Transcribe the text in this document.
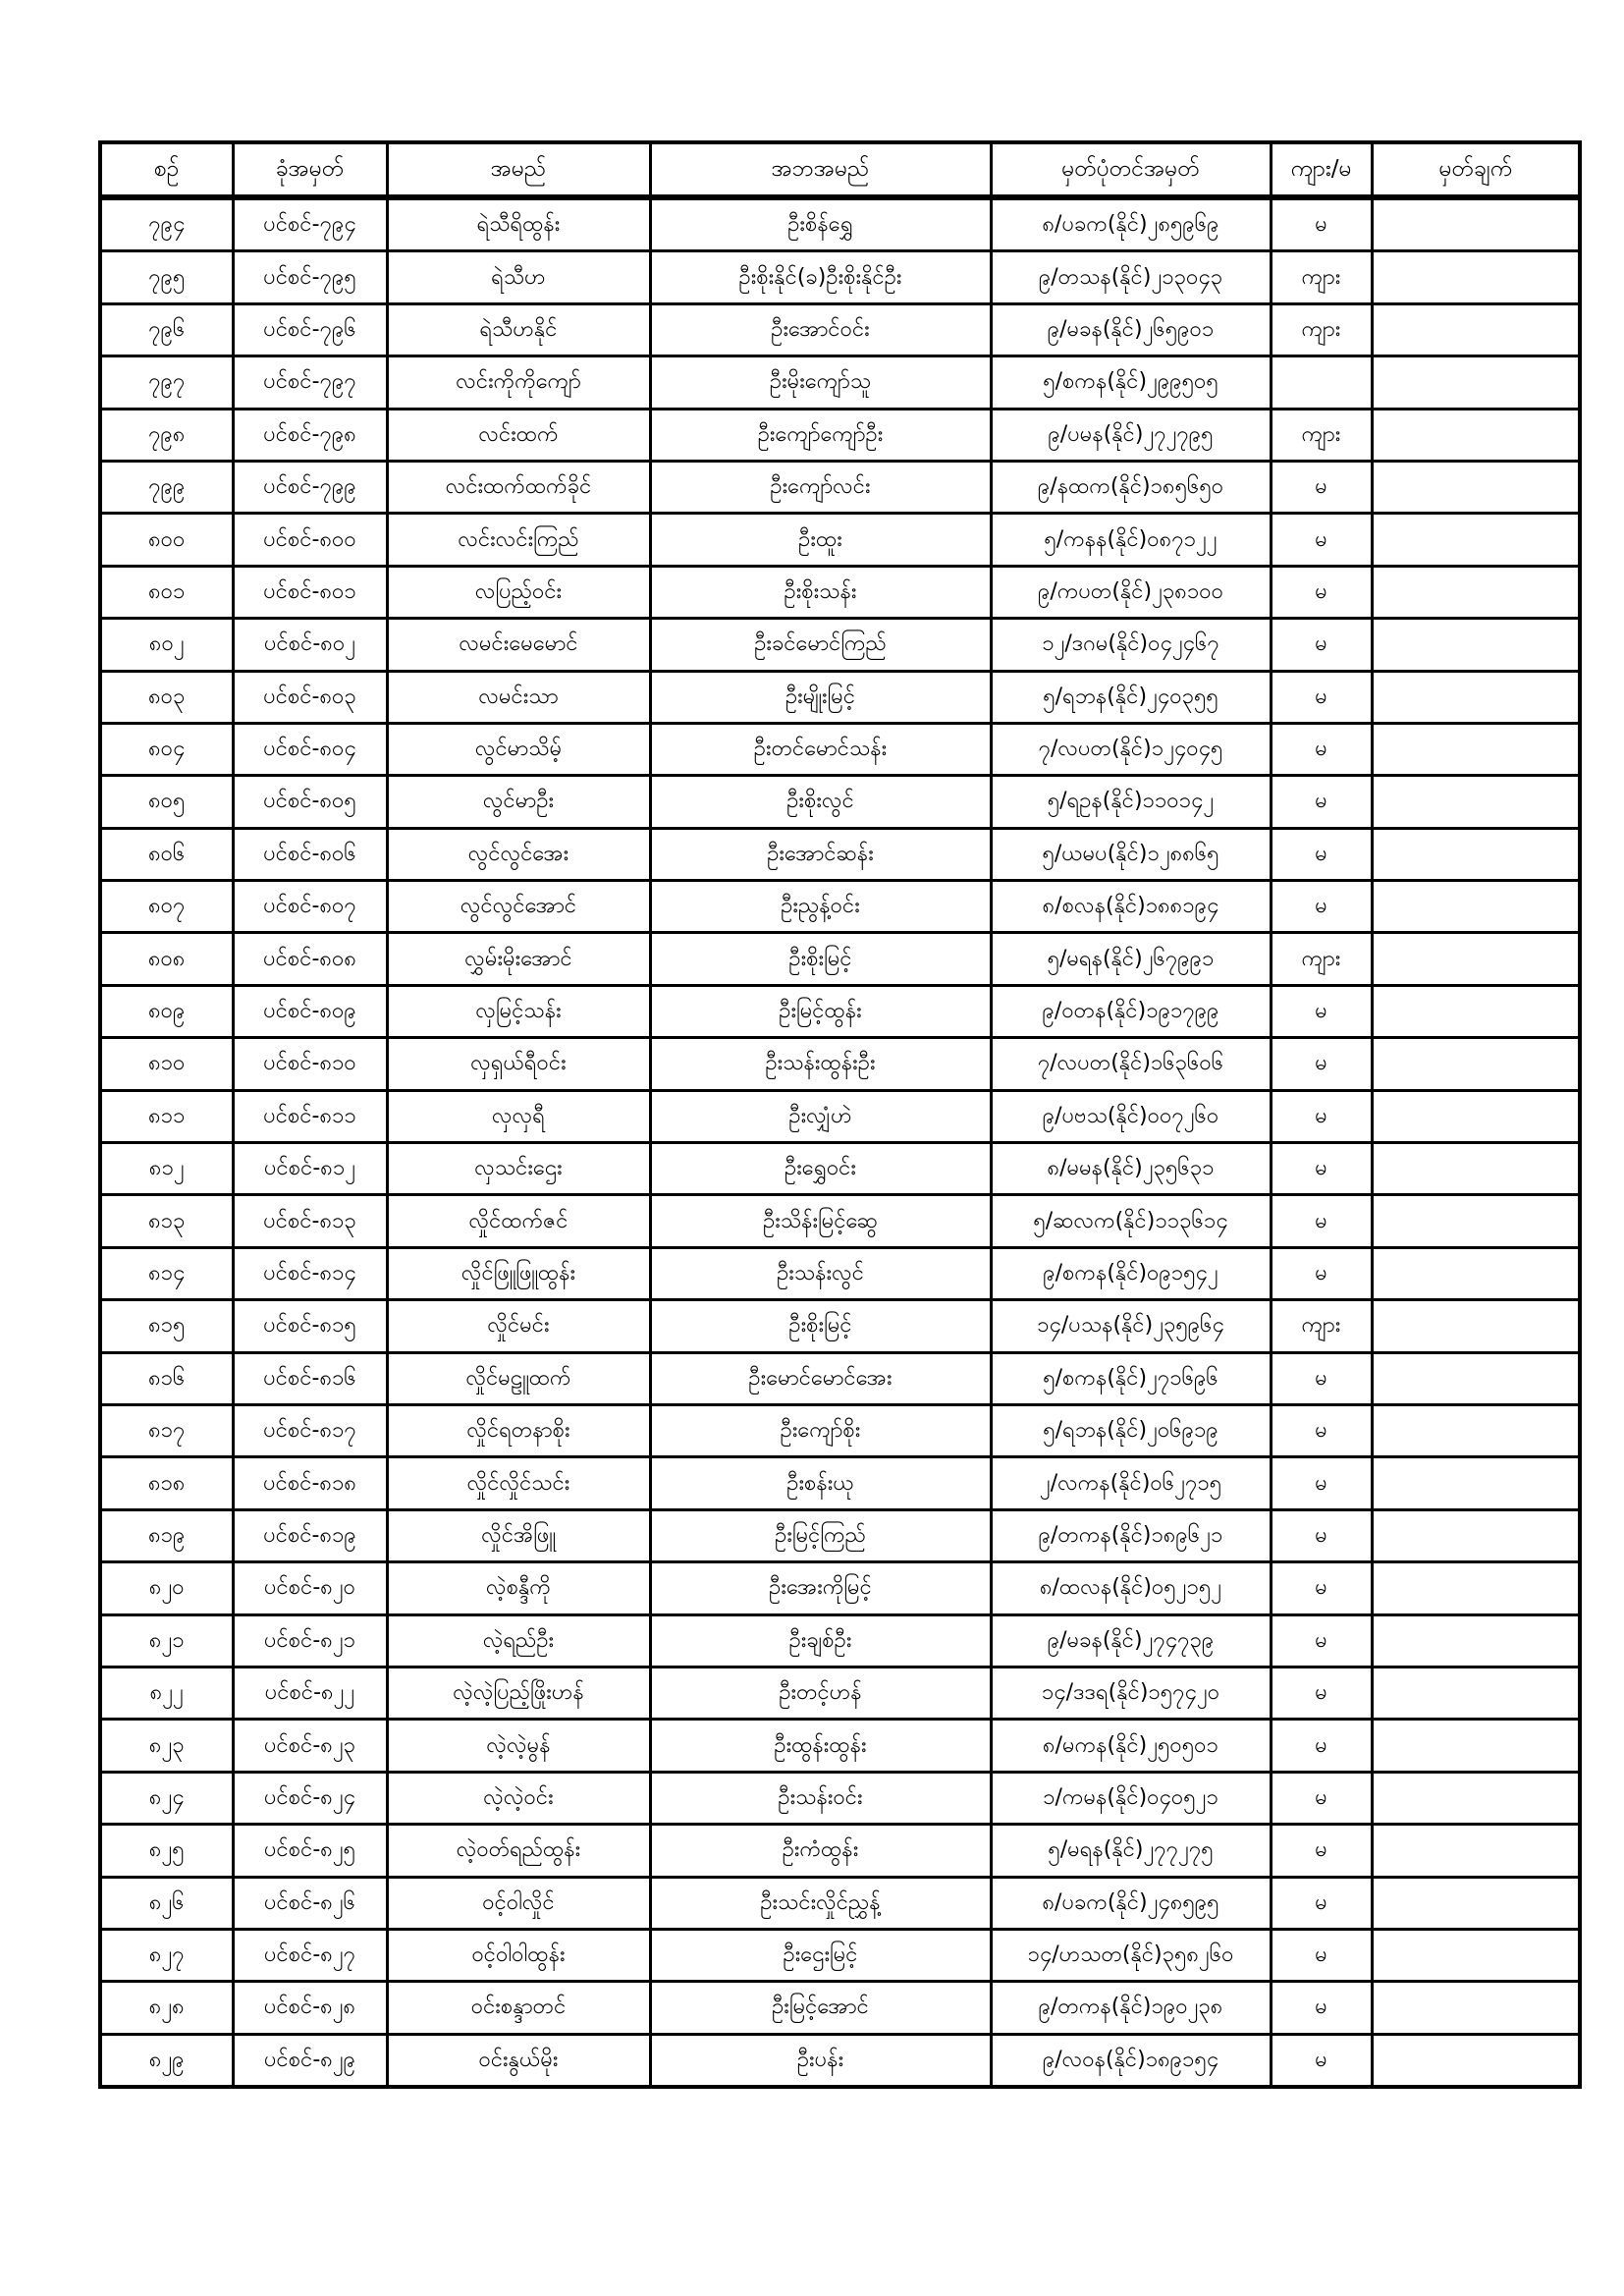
စဉ်	ခုံအမှတ်	အမည်	အဘအမည်	မှတ်ပုံတင်အမှတ်	ကျား/မ	မှတ်ချက်
၇၉၄	ပင်စင်-၇၉၄	ရဲသီရိထွန်း	ဦးစိန်ရွှေ	၈/ပခက(နိုင်)၂၈၅၉၆၉	မ	
၇၉၅	ပင်စင်-၇၉၅	ရဲသီဟ	ဦးစိုးနိုင်(ခ)ဦးစိုးနိုင်ဦး	၉/တသန(နိုင်)၂၁၃၀၄၃	ကျား	
၇၉၆	ပင်စင်-၇၉၆	ရဲသီဟနိုင်	ဦးအောင်ဝင်း	၉/မခန(နိုင်)၂၆၅၉၀၁	ကျား	
၇၉၇	ပင်စင်-၇၉၇	လင်းကိုကိုကျော်	ဦးမိုးကျော်သူ	၅/စကန(နိုင်)၂၉၉၅၀၅		
၇၉၈	ပင်စင်-၇၉၈	လင်းထက်	ဦးကျော်ကျော်ဦး	၉/ပမန(နိုင်)၂၇၂၇၉၅	ကျား	
၇၉၉	ပင်စင်-၇၉၉	လင်းထက်ထက်ခိုင်	ဦးကျော်လင်း	၉/နထက(နိုင်)၁၈၅၆၅၀	မ	
၈၀၀	ပင်စင်-၈၀၀	လင်းလင်းကြည်	ဦးထူး	၅/ကနန(နိုင်)၀၈၇၁၂၂	မ	
၈၀၁	ပင်စင်-၈၀၁	လပြည့်ဝင်း	ဦးစိုးသန်း	၉/ကပတ(နိုင်)၂၃၈၁၀၀	မ	
၈၀၂	ပင်စင်-၈၀၂	လမင်းမေမောင်	ဦးခင်မောင်ကြည်	၁၂/ဒဂမ(နိုင်)၀၄၂၄၆၇	မ	
၈၀၃	ပင်စင်-၈၀၃	လမင်းသာ	ဦးမျိုးမြင့်	၅/ရဘန(နိုင်)၂၄၀၃၅၅	မ	
၈၀၄	ပင်စင်-၈၀၄	လွင်မာသိမ့်	ဦးတင်မောင်သန်း	၇/လပတ(နိုင်)၁၂၄၀၄၅	မ	
၈၀၅	ပင်စင်-၈၀၅	လွင်မာဦး	ဦးစိုးလွင်	၅/ရဥန(နိုင်)၁၁၀၁၄၂	မ	
၈၀၆	ပင်စင်-၈၀၆	လွင်လွင်အေး	ဦးအောင်ဆန်း	၅/ယမပ(နိုင်)၁၂၈၈၆၅	မ	
၈၀၇	ပင်စင်-၈၀၇	လွင်လွင်အောင်	ဦးညွန့်ဝင်း	၈/စလန(နိုင်)၁၈၈၁၉၄	မ	
၈၀၈	ပင်စင်-၈၀၈	လွှမ်းမိုးအောင်	ဦးစိုးမြင့်	၅/မရန(နိုင်)၂၆၇၉၉၁	ကျား	
၈၀၉	ပင်စင်-၈၀၉	လှမြင့်သန်း	ဦးမြင့်ထွန်း	၉/ဝတန(နိုင်)၁၉၁၇၉၉	မ	
၈၁၀	ပင်စင်-၈၁၀	လှရှယ်ရီဝင်း	ဦးသန်းထွန်းဦး	၇/လပတ(နိုင်)၁၆၃၆၀၆	မ	
၈၁၁	ပင်စင်-၈၁၁	လှလှရီ	ဦးလျှံဟဲ	၉/ပဗသ(နိုင်)၀၀၇၂၆၀	မ	
၈၁၂	ပင်စင်-၈၁၂	လှသင်းဌေး	ဦးရွှေဝင်း	၈/မမန(နိုင်)၂၃၅၆၃၁	မ	
၈၁၃	ပင်စင်-၈၁၃	လှိုင်ထက်ဇင်	ဦးသိန်းမြင့်ဆွေ	၅/ဆလက(နိုင်)၁၁၃၆၁၄	မ	
၈၁၄	ပင်စင်-၈၁၄	လှိုင်ဖြူဖြူထွန်း	ဦးသန်းလွင်	၉/စကန(နိုင်)၀၉၁၅၄၂	မ	
၈၁၅	ပင်စင်-၈၁၅	လှိုင်မင်း	ဦးစိုးမြင့်	၁၄/ပသန(နိုင်)၂၃၅၉၆၄	ကျား	
၈၁၆	ပင်စင်-၈၁၆	လှိုင်မဠူထက်	ဦးမောင်မောင်အေး	၅/စကန(နိုင်)၂၇၁၆၉၆	မ	
၈၁၇	ပင်စင်-၈၁၇	လှိုင်ရတနာစိုး	ဦးကျော်စိုး	၅/ရဘန(နိုင်)၂၀၆၉၁၉	မ	
၈၁၈	ပင်စင်-၈၁၈	လှိုင်လှိုင်သင်း	ဦးစန်းယု	၂/လကန(နိုင်)၀၆၂၇၁၅	မ	
၈၁၉	ပင်စင်-၈၁၉	လှိုင်အိဖြူ	ဦးမြင့်ကြည်	၉/တကန(နိုင်)၁၈၉၆၂၁	မ	
၈၂၀	ပင်စင်-၈၂၀	လဲ့စန္ဒီကို	ဦးအေးကိုမြင့်	၈/ထလန(နိုင်)၀၅၂၁၅၂	မ	
၈၂၁	ပင်စင်-၈၂၁	လဲ့ရည်ဦး	ဦးချစ်ဦး	၉/မခန(နိုင်)၂၇၄၇၃၉	မ	
၈၂၂	ပင်စင်-၈၂၂	လဲ့လဲ့ပြည့်ဖြိုးဟန်	ဦးတင့်ဟန်	၁၄/ဒဒရ(နိုင်)၁၅၇၄၂၀	မ	
၈၂၃	ပင်စင်-၈၂၃	လဲ့လဲ့မွန်	ဦးထွန်းထွန်း	၈/မကန(နိုင်)၂၅၀၅၀၁	မ	
၈၂၄	ပင်စင်-၈၂၄	လဲ့လဲ့ဝင်း	ဦးသန်းဝင်း	၁/ကမန(နိုင်)၀၄၀၅၂၁	မ	
၈၂၅	ပင်စင်-၈၂၅	လဲ့ဝတ်ရည်ထွန်း	ဦးကံထွန်း	၅/မရန(နိုင်)၂၇၇၂၇၅	မ	
၈၂၆	ပင်စင်-၈၂၆	ဝင့်ဝါလှိုင်	ဦးသင်းလှိုင်ညွှန့်	၈/ပခက(နိုင်)၂၄၈၅၉၅	မ	
၈၂၇	ပင်စင်-၈၂၇	ဝင့်ဝါဝါထွန်း	ဦးဌေးမြင့်	၁၄/ဟသတ(နိုင်)၃၅၈၂၆၀	မ	
၈၂၈	ပင်စင်-၈၂၈	ဝင်းစန္ဒာတင်	ဦးမြင့်အောင်	၉/တကန(နိုင်)၁၉၀၂၃၈	မ	
၈၂၉	ပင်စင်-၈၂၉	ဝင်းနွယ်မိုး	ဦးပန်း	၉/လဝန(နိုင်)၁၈၉၁၅၄	မ	
